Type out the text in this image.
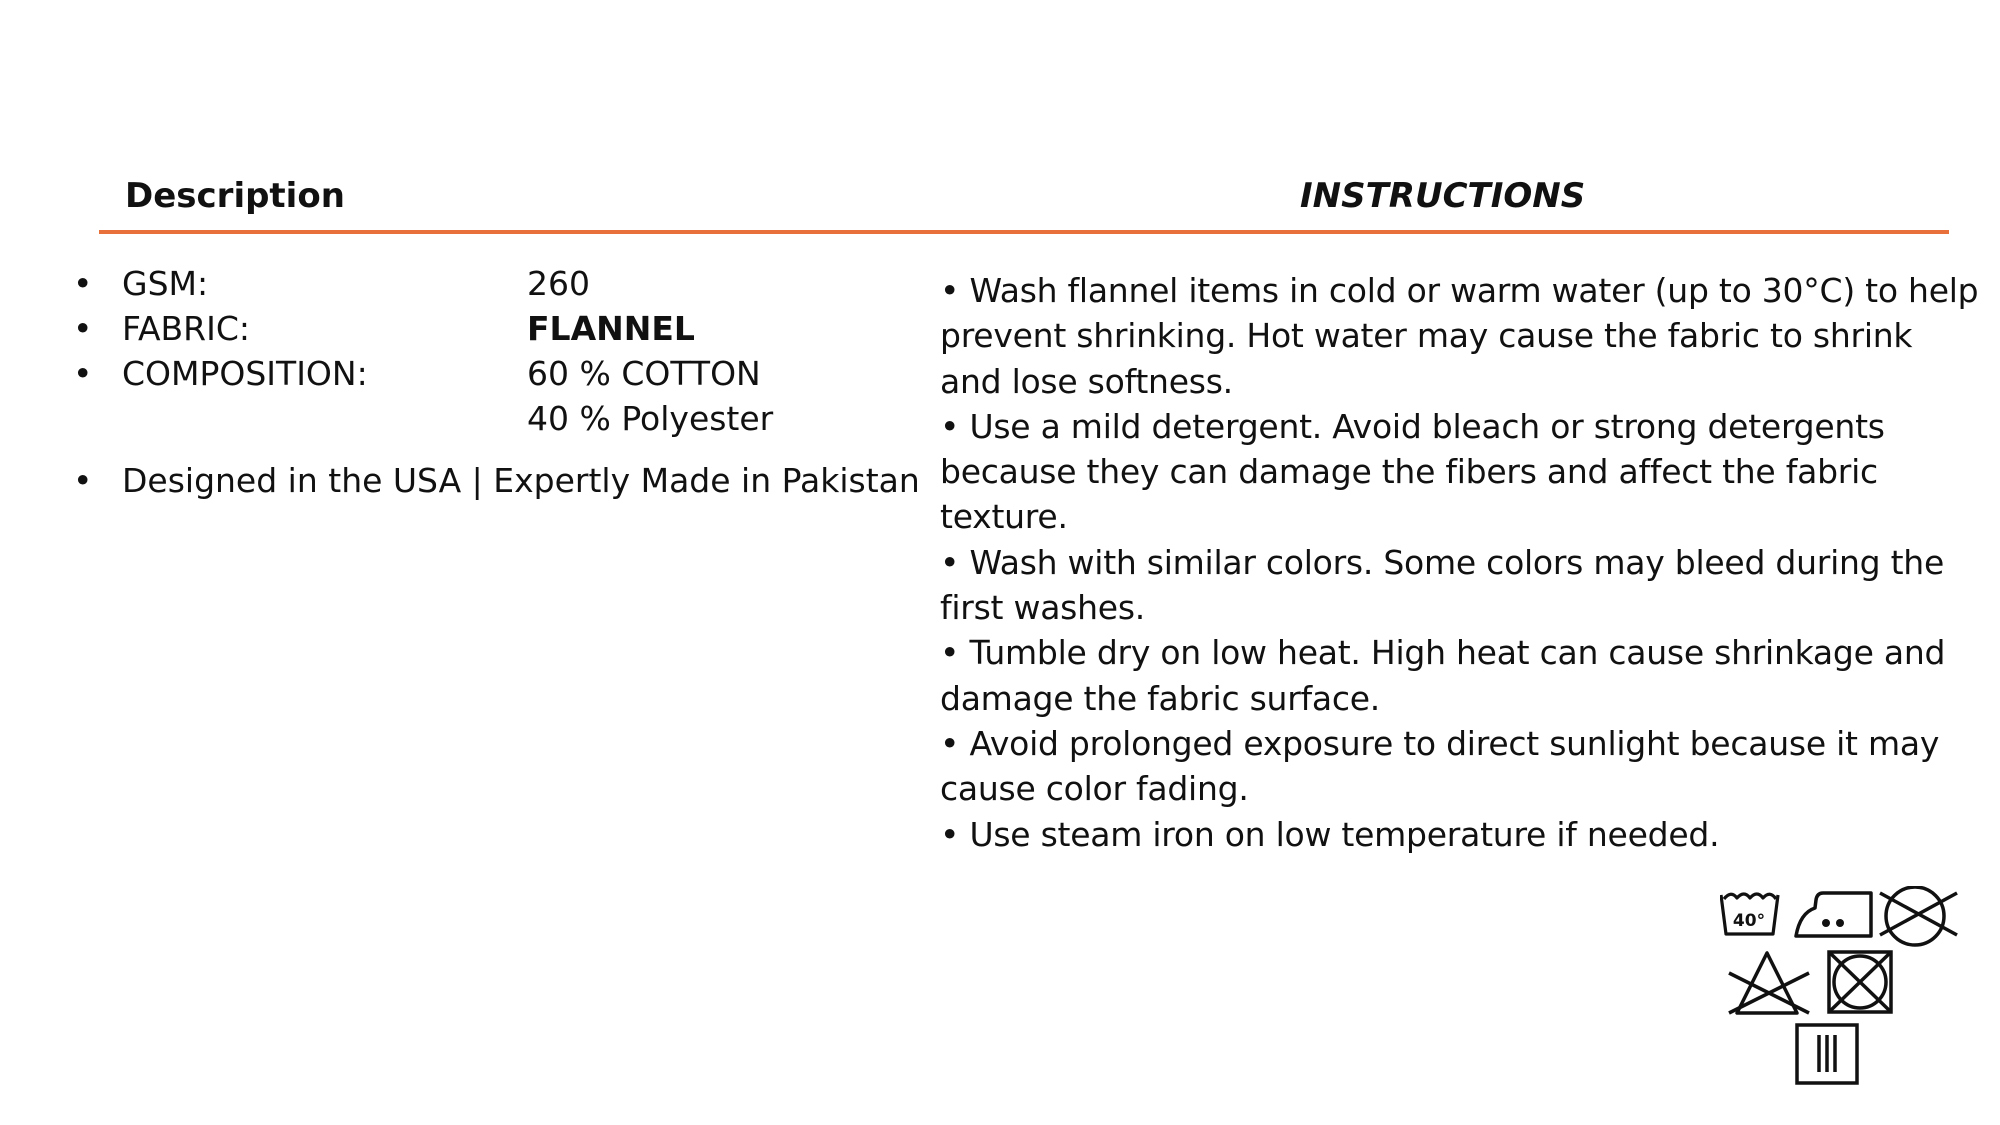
Description	INSTRUCTIONS
• GSM:	260
• FABRIC:	FLANNEL
• COMPOSITION:	60 % COTTON
40 % Polyester
• Designed in the USA | Expertly Made in Pakistan
• Wash flannel items in cold or warm water (up to 30°C) to help prevent shrinking. Hot water may cause the fabric to shrink and lose softness.
• Use a mild detergent. Avoid bleach or strong detergents because they can damage the fibers and affect the fabric texture.
• Wash with similar colors. Some colors may bleed during the first washes.
• Tumble dry on low heat. High heat can cause shrinkage and damage the fabric surface.
• Avoid prolonged exposure to direct sunlight because it may cause color fading.
• Use steam iron on low temperature if needed.
40°
